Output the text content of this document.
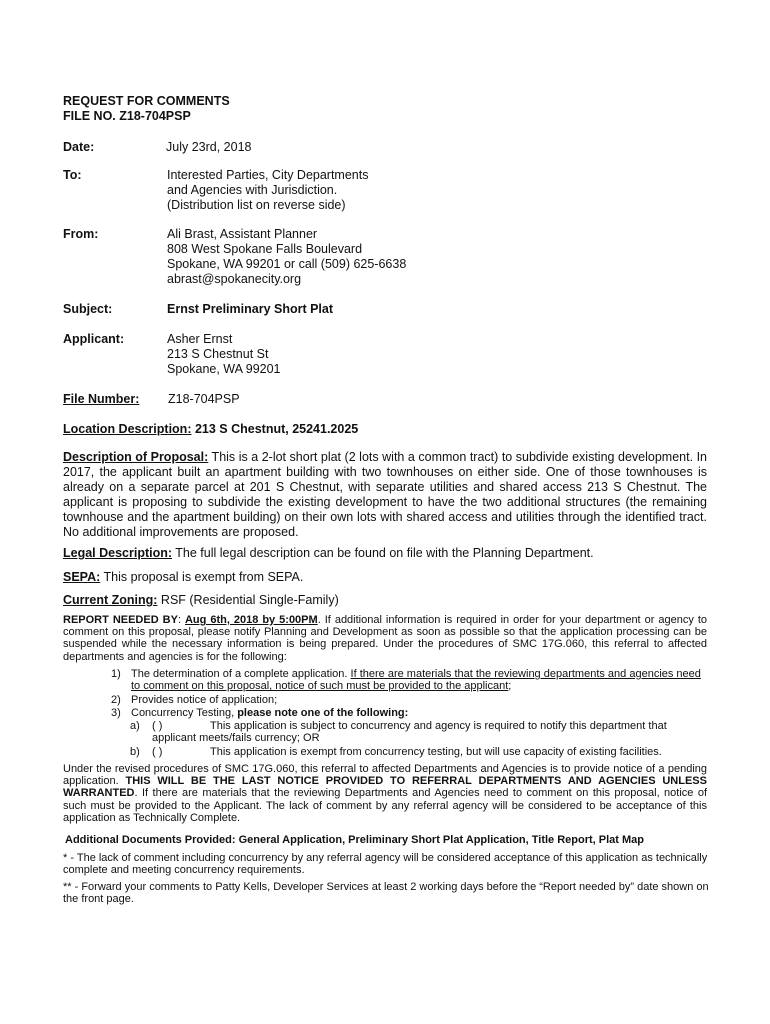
REQUEST FOR COMMENTS
FILE NO. Z18-704PSP
Date:	July 23rd, 2018
To:	Interested Parties, City Departments
and Agencies with Jurisdiction.
(Distribution list on reverse side)
From:	Ali Brast, Assistant Planner
808 West Spokane Falls Boulevard
Spokane, WA 99201 or call (509) 625-6638
abrast@spokanecity.org
Subject:	Ernst Preliminary Short Plat
Applicant:	Asher Ernst
213 S Chestnut St
Spokane, WA 99201
File Number: Z18-704PSP
Location Description: 213 S Chestnut, 25241.2025
Description of Proposal: This is a 2-lot short plat (2 lots with a common tract) to subdivide existing development. In 2017, the applicant built an apartment building with two townhouses on either side. One of those townhouses is already on a separate parcel at 201 S Chestnut, with separate utilities and shared access 213 S Chestnut. The applicant is proposing to subdivide the existing development to have the two additional structures (the remaining townhouse and the apartment building) on their own lots with shared access and utilities through the identified tract. No additional improvements are proposed.
Legal Description: The full legal description can be found on file with the Planning Department.
SEPA: This proposal is exempt from SEPA.
Current Zoning: RSF (Residential Single-Family)
REPORT NEEDED BY: Aug 6th, 2018 by 5:00PM. If additional information is required in order for your department or agency to comment on this proposal, please notify Planning and Development as soon as possible so that the application processing can be suspended while the necessary information is being prepared. Under the procedures of SMC 17G.060, this referral to affected departments and agencies is for the following:
1) The determination of a complete application. If there are materials that the reviewing departments and agencies need to comment on this proposal, notice of such must be provided to the applicant;
2) Provides notice of application;
3) Concurrency Testing, please note one of the following:
a) ( )	This application is subject to concurrency and agency is required to notify this department that applicant meets/fails currency; OR
b) ( )	This application is exempt from concurrency testing, but will use capacity of existing facilities.
Under the revised procedures of SMC 17G.060, this referral to affected Departments and Agencies is to provide notice of a pending application. THIS WILL BE THE LAST NOTICE PROVIDED TO REFERRAL DEPARTMENTS AND AGENCIES UNLESS WARRANTED. If there are materials that the reviewing Departments and Agencies need to comment on this proposal, notice of such must be provided to the Applicant. The lack of comment by any referral agency will be considered to be acceptance of this application as Technically Complete.
Additional Documents Provided: General Application, Preliminary Short Plat Application, Title Report, Plat Map
* - The lack of comment including concurrency by any referral agency will be considered acceptance of this application as technically complete and meeting concurrency requirements.
** - Forward your comments to Patty Kells, Developer Services at least 2 working days before the “Report needed by” date shown on the front page.
